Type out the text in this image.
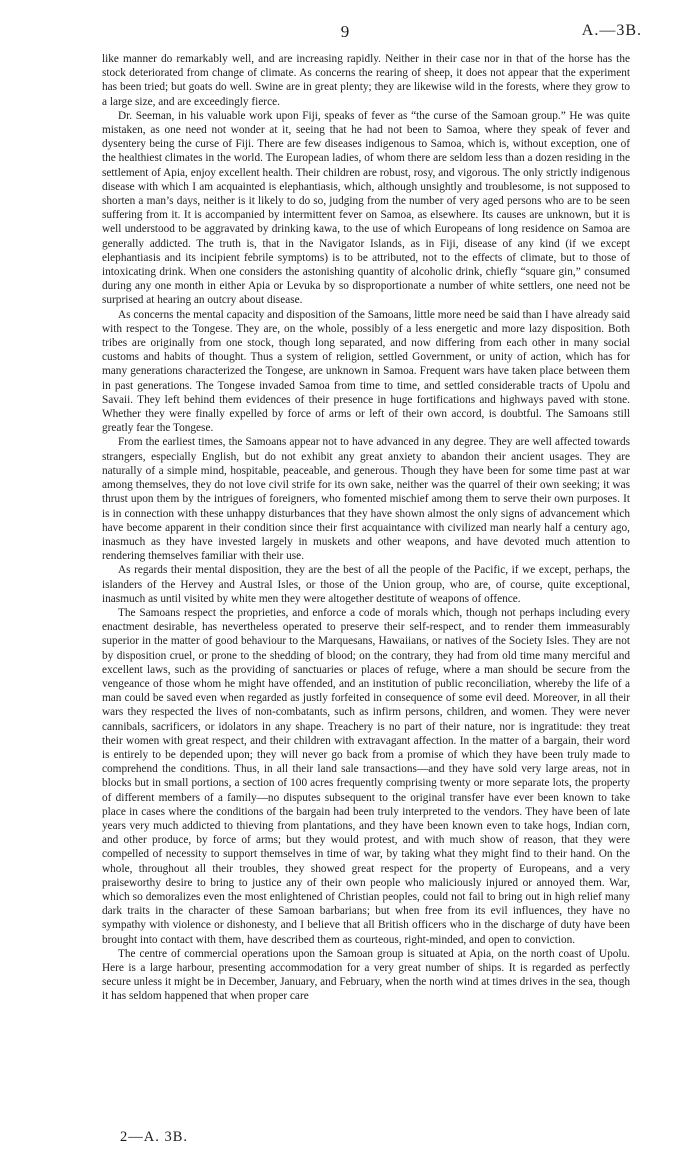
9	A.—3B.

like manner do remarkably well, and are increasing rapidly. Neither in their case nor in that of the horse has the stock deteriorated from change of climate. As concerns the rearing of sheep, it does not appear that the experiment has been tried; but goats do well. Swine are in great plenty; they are likewise wild in the forests, where they grow to a large size, and are exceedingly fierce.

Dr. Seeman, in his valuable work upon Fiji, speaks of fever as “the curse of the Samoan group.” He was quite mistaken, as one need not wonder at it, seeing that he had not been to Samoa, where they speak of fever and dysentery being the curse of Fiji. There are few diseases indigenous to Samoa, which is, without exception, one of the healthiest climates in the world. The European ladies, of whom there are seldom less than a dozen residing in the settlement of Apia, enjoy excellent health. Their children are robust, rosy, and vigorous. The only strictly indigenous disease with which I am acquainted is elephantiasis, which, although unsightly and troublesome, is not supposed to shorten a man’s days, neither is it likely to do so, judging from the number of very aged persons who are to be seen suffering from it. It is accompanied by intermittent fever on Samoa, as elsewhere. Its causes are unknown, but it is well understood to be aggravated by drinking kawa, to the use of which Europeans of long residence on Samoa are generally addicted. The truth is, that in the Navigator Islands, as in Fiji, disease of any kind (if we except elephantiasis and its incipient febrile symptoms) is to be attributed, not to the effects of climate, but to those of intoxicating drink. When one considers the astonishing quantity of alcoholic drink, chiefly “square gin,” consumed during any one month in either Apia or Levuka by so disproportionate a number of white settlers, one need not be surprised at hearing an outcry about disease.

As concerns the mental capacity and disposition of the Samoans, little more need be said than I have already said with respect to the Tongese. They are, on the whole, possibly of a less energetic and more lazy disposition. Both tribes are originally from one stock, though long separated, and now differing from each other in many social customs and habits of thought. Thus a system of religion, settled Government, or unity of action, which has for many generations characterized the Tongese, are unknown in Samoa. Frequent wars have taken place between them in past generations. The Tongese invaded Samoa from time to time, and settled considerable tracts of Upolu and Savaii. They left behind them evidences of their presence in huge fortifications and highways paved with stone. Whether they were finally expelled by force of arms or left of their own accord, is doubtful. The Samoans still greatly fear the Tongese.

From the earliest times, the Samoans appear not to have advanced in any degree. They are well affected towards strangers, especially English, but do not exhibit any great anxiety to abandon their ancient usages. They are naturally of a simple mind, hospitable, peaceable, and generous. Though they have been for some time past at war among themselves, they do not love civil strife for its own sake, neither was the quarrel of their own seeking; it was thrust upon them by the intrigues of foreigners, who fomented mischief among them to serve their own purposes. It is in connection with these unhappy disturbances that they have shown almost the only signs of advancement which have become apparent in their condition since their first acquaintance with civilized man nearly half a century ago, inasmuch as they have invested largely in muskets and other weapons, and have devoted much attention to rendering themselves familiar with their use.

As regards their mental disposition, they are the best of all the people of the Pacific, if we except, perhaps, the islanders of the Hervey and Austral Isles, or those of the Union group, who are, of course, quite exceptional, inasmuch as until visited by white men they were altogether destitute of weapons of offence.

The Samoans respect the proprieties, and enforce a code of morals which, though not perhaps including every enactment desirable, has nevertheless operated to preserve their self-respect, and to render them immeasurably superior in the matter of good behaviour to the Marquesans, Hawaiians, or natives of the Society Isles. They are not by disposition cruel, or prone to the shedding of blood; on the contrary, they had from old time many merciful and excellent laws, such as the providing of sanctuaries or places of refuge, where a man should be secure from the vengeance of those whom he might have offended, and an institution of public reconciliation, whereby the life of a man could be saved even when regarded as justly forfeited in consequence of some evil deed. Moreover, in all their wars they respected the lives of non-combatants, such as infirm persons, children, and women. They were never cannibals, sacrificers, or idolators in any shape. Treachery is no part of their nature, nor is ingratitude: they treat their women with great respect, and their children with extravagant affection. In the matter of a bargain, their word is entirely to be depended upon; they will never go back from a promise of which they have been truly made to comprehend the conditions. Thus, in all their land sale transactions—and they have sold very large areas, not in blocks but in small portions, a section of 100 acres frequently comprising twenty or more separate lots, the property of different members of a family—no disputes subsequent to the original transfer have ever been known to take place in cases where the conditions of the bargain had been truly interpreted to the vendors. They have been of late years very much addicted to thieving from plantations, and they have been known even to take hogs, Indian corn, and other produce, by force of arms; but they would protest, and with much show of reason, that they were compelled of necessity to support themselves in time of war, by taking what they might find to their hand. On the whole, throughout all their troubles, they showed great respect for the property of Europeans, and a very praiseworthy desire to bring to justice any of their own people who maliciously injured or annoyed them. War, which so demoralizes even the most enlightened of Christian peoples, could not fail to bring out in high relief many dark traits in the character of these Samoan barbarians; but when free from its evil influences, they have no sympathy with violence or dishonesty, and I believe that all British officers who in the discharge of duty have been brought into contact with them, have described them as courteous, right-minded, and open to conviction.

The centre of commercial operations upon the Samoan group is situated at Apia, on the north coast of Upolu. Here is a large harbour, presenting accommodation for a very great number of ships. It is regarded as perfectly secure unless it might be in December, January, and February, when the north wind at times drives in the sea, though it has seldom happened that when proper care

2—A. 3B.
